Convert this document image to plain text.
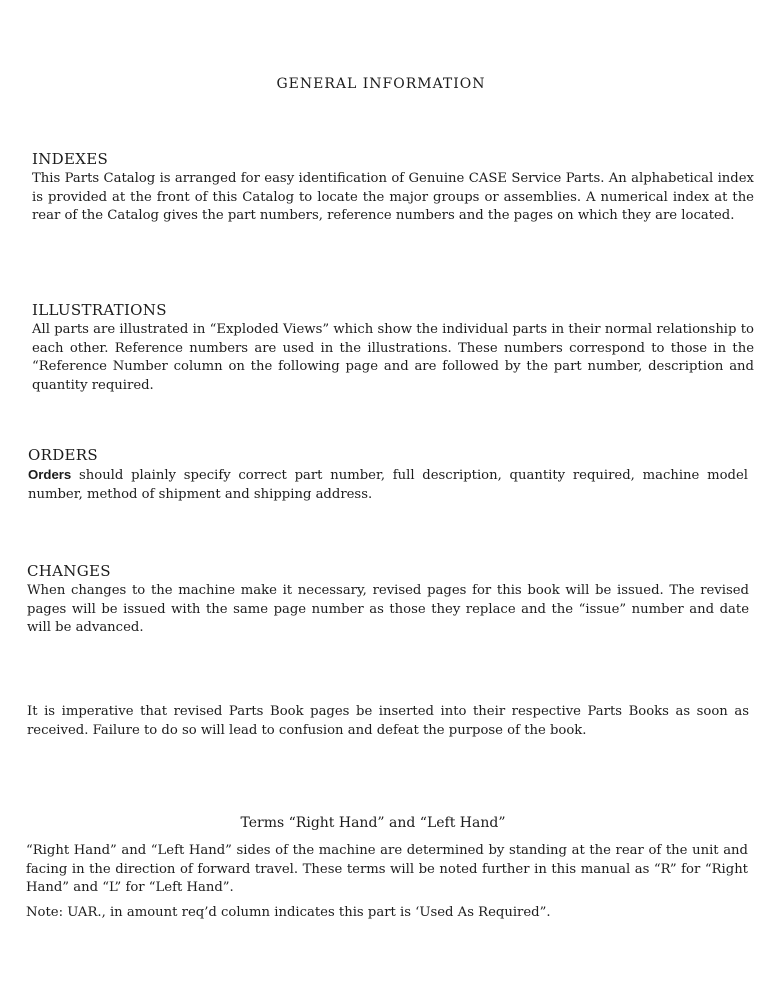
GENERAL INFORMATION
INDEXES

This Parts Catalog is arranged for easy identification of Genuine CASE Service Parts. An alphabetical index is provided at the front of this Catalog to locate the major groups or assemblies. A numerical index at the rear of the Catalog gives the part numbers, reference numbers and the pages on which they are located.

ILLUSTRATIONS

All parts are illustrated in “Exploded Views” which show the individual parts in their normal relationship to each other. Reference numbers are used in the illustrations. These numbers correspond to those in the “Reference Number column on the following page and are followed by the part number, description and quantity required.

ORDERS

Orders should plainly specify correct part number, full description, quantity required, machine model number, method of shipment and shipping address.

CHANGES

When changes to the machine make it necessary, revised pages for this book will be issued. The revised pages will be issued with the same page number as those they replace and the “issue” number and date will be advanced.

It is imperative that revised Parts Book pages be inserted into their respective Parts Books as soon as received. Failure to do so will lead to confusion and defeat the purpose of the book.

Terms “Right Hand” and “Left Hand”

“Right Hand” and “Left Hand” sides of the machine are determined by standing at the rear of the unit and facing in the direction of forward travel. These terms will be noted further in this manual as “R” for “Right Hand” and “L” for “Left Hand”.

Note: UAR., in amount req’d column indicates this part is ‘Used As Required”.
